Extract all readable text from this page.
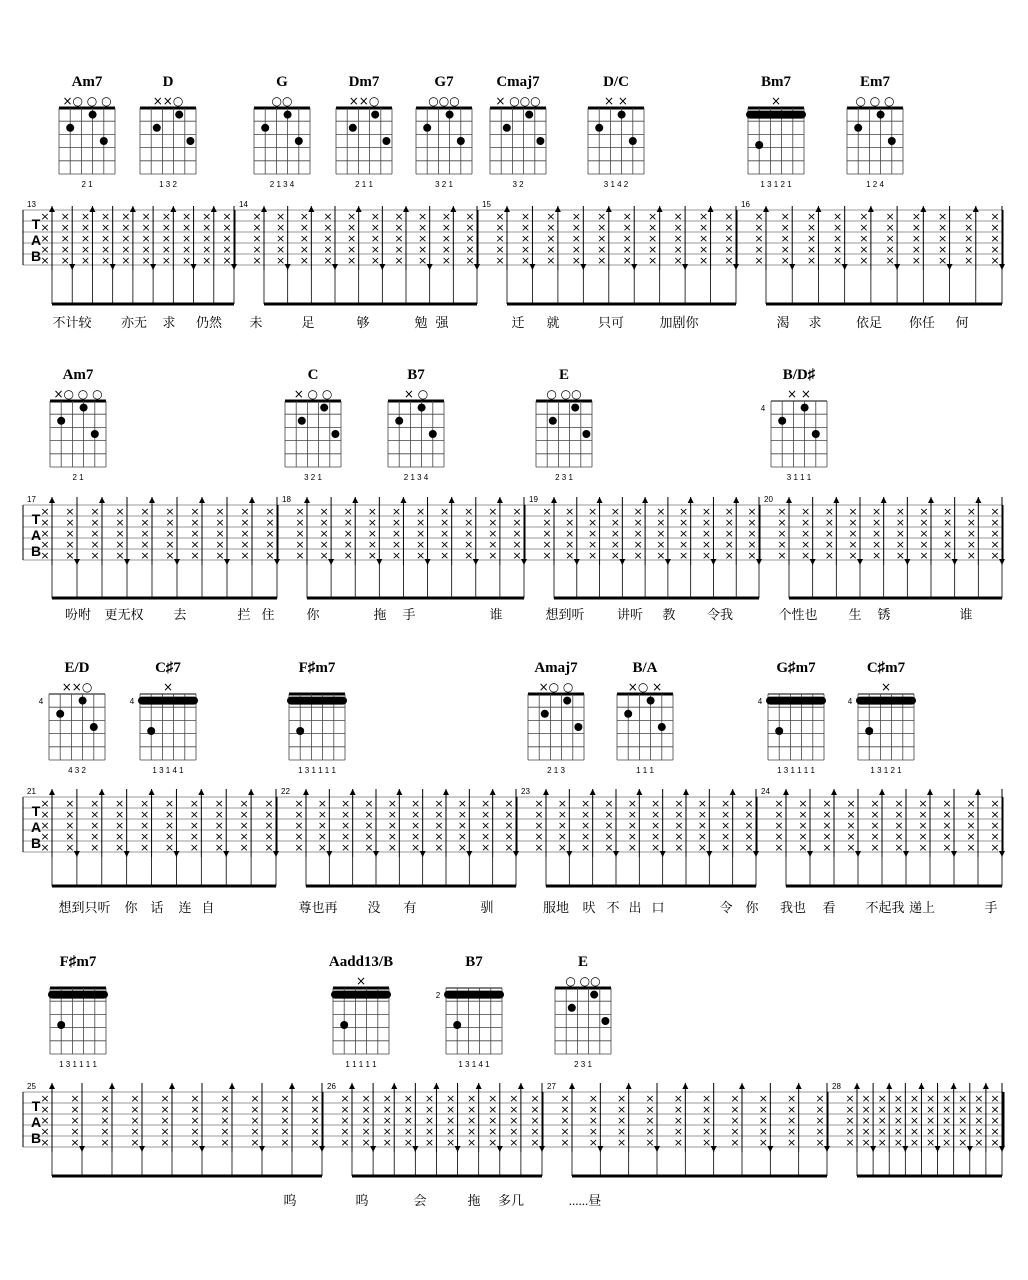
Am7
×○ ○ ○
2 1
D
××○
1 3 2
G
○○
2 1 3 4
Dm7
××○
2 1 1
G7
○○○
3 2 1
Cmaj7
× ○○○
3 2
D/C
× ×
3 1 4 2
Bm7
×
1 3 1 2 1
Em7
○ ○ ○
1 2 4
T
A
B
13	14	15	16
×
×
×
×
×
×
×
×
×
×
×
×
×
×
×
×
×
×
×
×
×
×
×
×
×
×
×
×
×
×
×
×
×
×
×
×
×
×
×
×
×
×
×
×
×
×
×
×
×
×
×
×
×
×
×
×
×
×
×
×
×
×
×
×
×
×
×
×
×
×
×
×
×
×
×
×
×
×
×
×
×
×
×
×
×
×
×
×
×
×
×
×
×
×
×
×
×
×
×
×
×
×
×
×
×
×
×
×
×
×
×
×
×
×
×
×
×
×
×
×
×
×
×
×
×
×
×
×
×
×
×
×
×
×
×
×
×
×
×
×
×
×
×
×
×
×
×
×
×
×
×
×
×
×
×
×
×
×
×
×
×
×
×
×
×
×
×
×
×
×
×
×
×
×
×
×
×
×
×
×
×
×
×
×
×
×
×
×
×
×
×
×
×
×
×
×
×
×
×
×
不计较 亦无 求 仍然 未	足	够	勉 强	迁 就	只可	加剧你	渴 求	依足 你任 何
Am7
×○ ○ ○
2 1
C
× ○ ○
3 2 1
B7
× ○
2 1 3 4
E
○ ○○
2 3 1
B/D♯
× ×
4
3 1 1 1
T
A
B
17	18	19	20
×
×
×
×
×
×
×
×
×
×
×
×
×
×
×
×
×
×
×
×
×
×
×
×
×
×
×
×
×
×
×
×
×
×
×
×
×
×
×
×
×
×
×
×
×
×
×
×
×
×
×
×
×
×
×
×
×
×
×
×
×
×
×
×
×
×
×
×
×
×
×
×
×
×
×
×
×
×
×
×
×
×
×
×
×
×
×
×
×
×
×
×
×
×
×
×
×
×
×
×
×
×
×
×
×
×
×
×
×
×
×
×
×
×
×
×
×
×
×
×
×
×
×
×
×
×
×
×
×
×
×
×
×
×
×
×
×
×
×
×
×
×
×
×
×
×
×
×
×
×
×
×
×
×
×
×
×
×
×
×
×
×
×
×
×
×
×
×
×
×
×
×
×
×
×
×
×
×
×
×
×
×
×
×
×
×
×
×
×
×
×
×
×
×
×
×
×
×
×
×
吩咐 更无权 去	拦 住 你	拖 手	谁	想到听 讲听 教 令我	个性也 生 锈	谁
E/D
××○
4
4 3 2
C♯7
×
4
1 3 1 4 1
F♯m7
1 3 1 1 1 1
Amaj7
×○ ○
2 1 3
B/A
×○ ×
1 1 1
G♯m7
4
1 3 1 1 1 1
C♯m7
×
4
1 3 1 2 1
T
A
B
21	22	23	24
×
×
×
×
×
×
×
×
×
×
×
×
×
×
×
×
×
×
×
×
×
×
×
×
×
×
×
×
×
×
×
×
×
×
×
×
×
×
×
×
×
×
×
×
×
×
×
×
×
×
×
×
×
×
×
×
×
×
×
×
×
×
×
×
×
×
×
×
×
×
×
×
×
×
×
×
×
×
×
×
×
×
×
×
×
×
×
×
×
×
×
×
×
×
×
×
×
×
×
×
×
×
×
×
×
×
×
×
×
×
×
×
×
×
×
×
×
×
×
×
×
×
×
×
×
×
×
×
×
×
×
×
×
×
×
×
×
×
×
×
×
×
×
×
×
×
×
×
×
×
×
×
×
×
×
×
×
×
×
×
×
×
×
×
×
×
×
×
×
×
×
×
×
×
×
×
×
×
×
×
×
×
×
×
×
×
×
×
×
×
×
×
×
×
×
×
×
×
×
×
想到只 听 你 话 连 自	尊也再 没 有	驯	服地 吠 不 出 口	令 你 我也 看 不起我 递上	手
F♯m7
1 3 1 1 1 1
Aadd13/B
×
1 1 1 1 1
B7
2
1 3 1 4 1
E
○ ○○
2 3 1
T
A
B
25	26	27	28
×
×
×
×
×
×
×
×
×
×
×
×
×
×
×
×
×
×
×
×
×
×
×
×
×
×
×
×
×
×
×
×
×
×
×
×
×
×
×
×
×
×
×
×
×
×
×
×
×
×
×
×
×
×
×
×
×
×
×
×
×
×
×
×
×
×
×
×
×
×
×
×
×
×
×
×
×
×
×
×
×
×
×
×
×
×
×
×
×
×
×
×
×
×
×
×
×
×
×
×
×
×
×
×
×
×
×
×
×
×
×
×
×
×
×
×
×
×
×
×
×
×
×
×
×
×
×
×
×
×
×
×
×
×
×
×
×
×
×
×
×
×
×
×
×
×
×
×
×
×
×
×
×
×
×
×
×
×
×
×
×
×
×
×
×
×
×
×
×
×
×
×
×
×
×
×
×
×
×
×
×
×
×
×
×
×
×
×
×
×
×
×
×
×
×
×
×
×
×
×
呜	呜	会	拖 多几	......昼
